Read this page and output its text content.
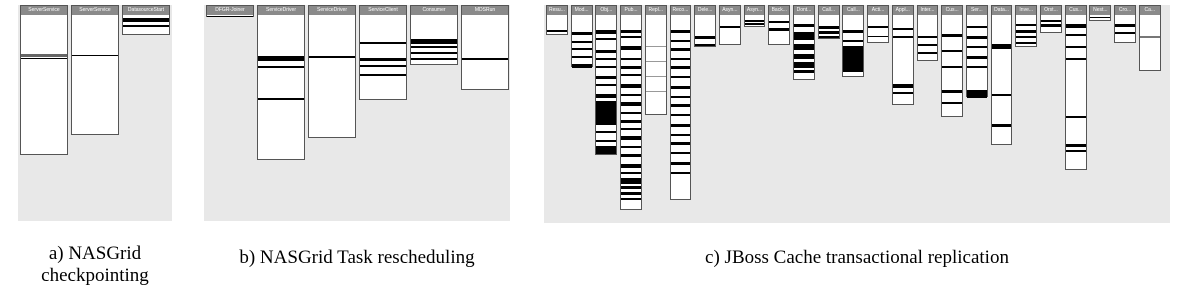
ServerService	ServerService	DatasourceStart	DFGR-Joiner	ServiceDriver	ServiceDriver	ServiceClient	Consumer	MDSRun	Resu...	Mod...	Obj...	Pub...	Repl...	Reco...	Dele...	Asyn...	Asyn...	Back...	Dont...	Call...	Call...	Acti...	Appl...	Inter...	Cus...	Ser...	Data...	Inve...	Orst...	Cus...	Nest...	Cro...	Ca...
a) NASGrid checkpointing
b) NASGrid Task rescheduling	c) JBoss Cache transactional replication
